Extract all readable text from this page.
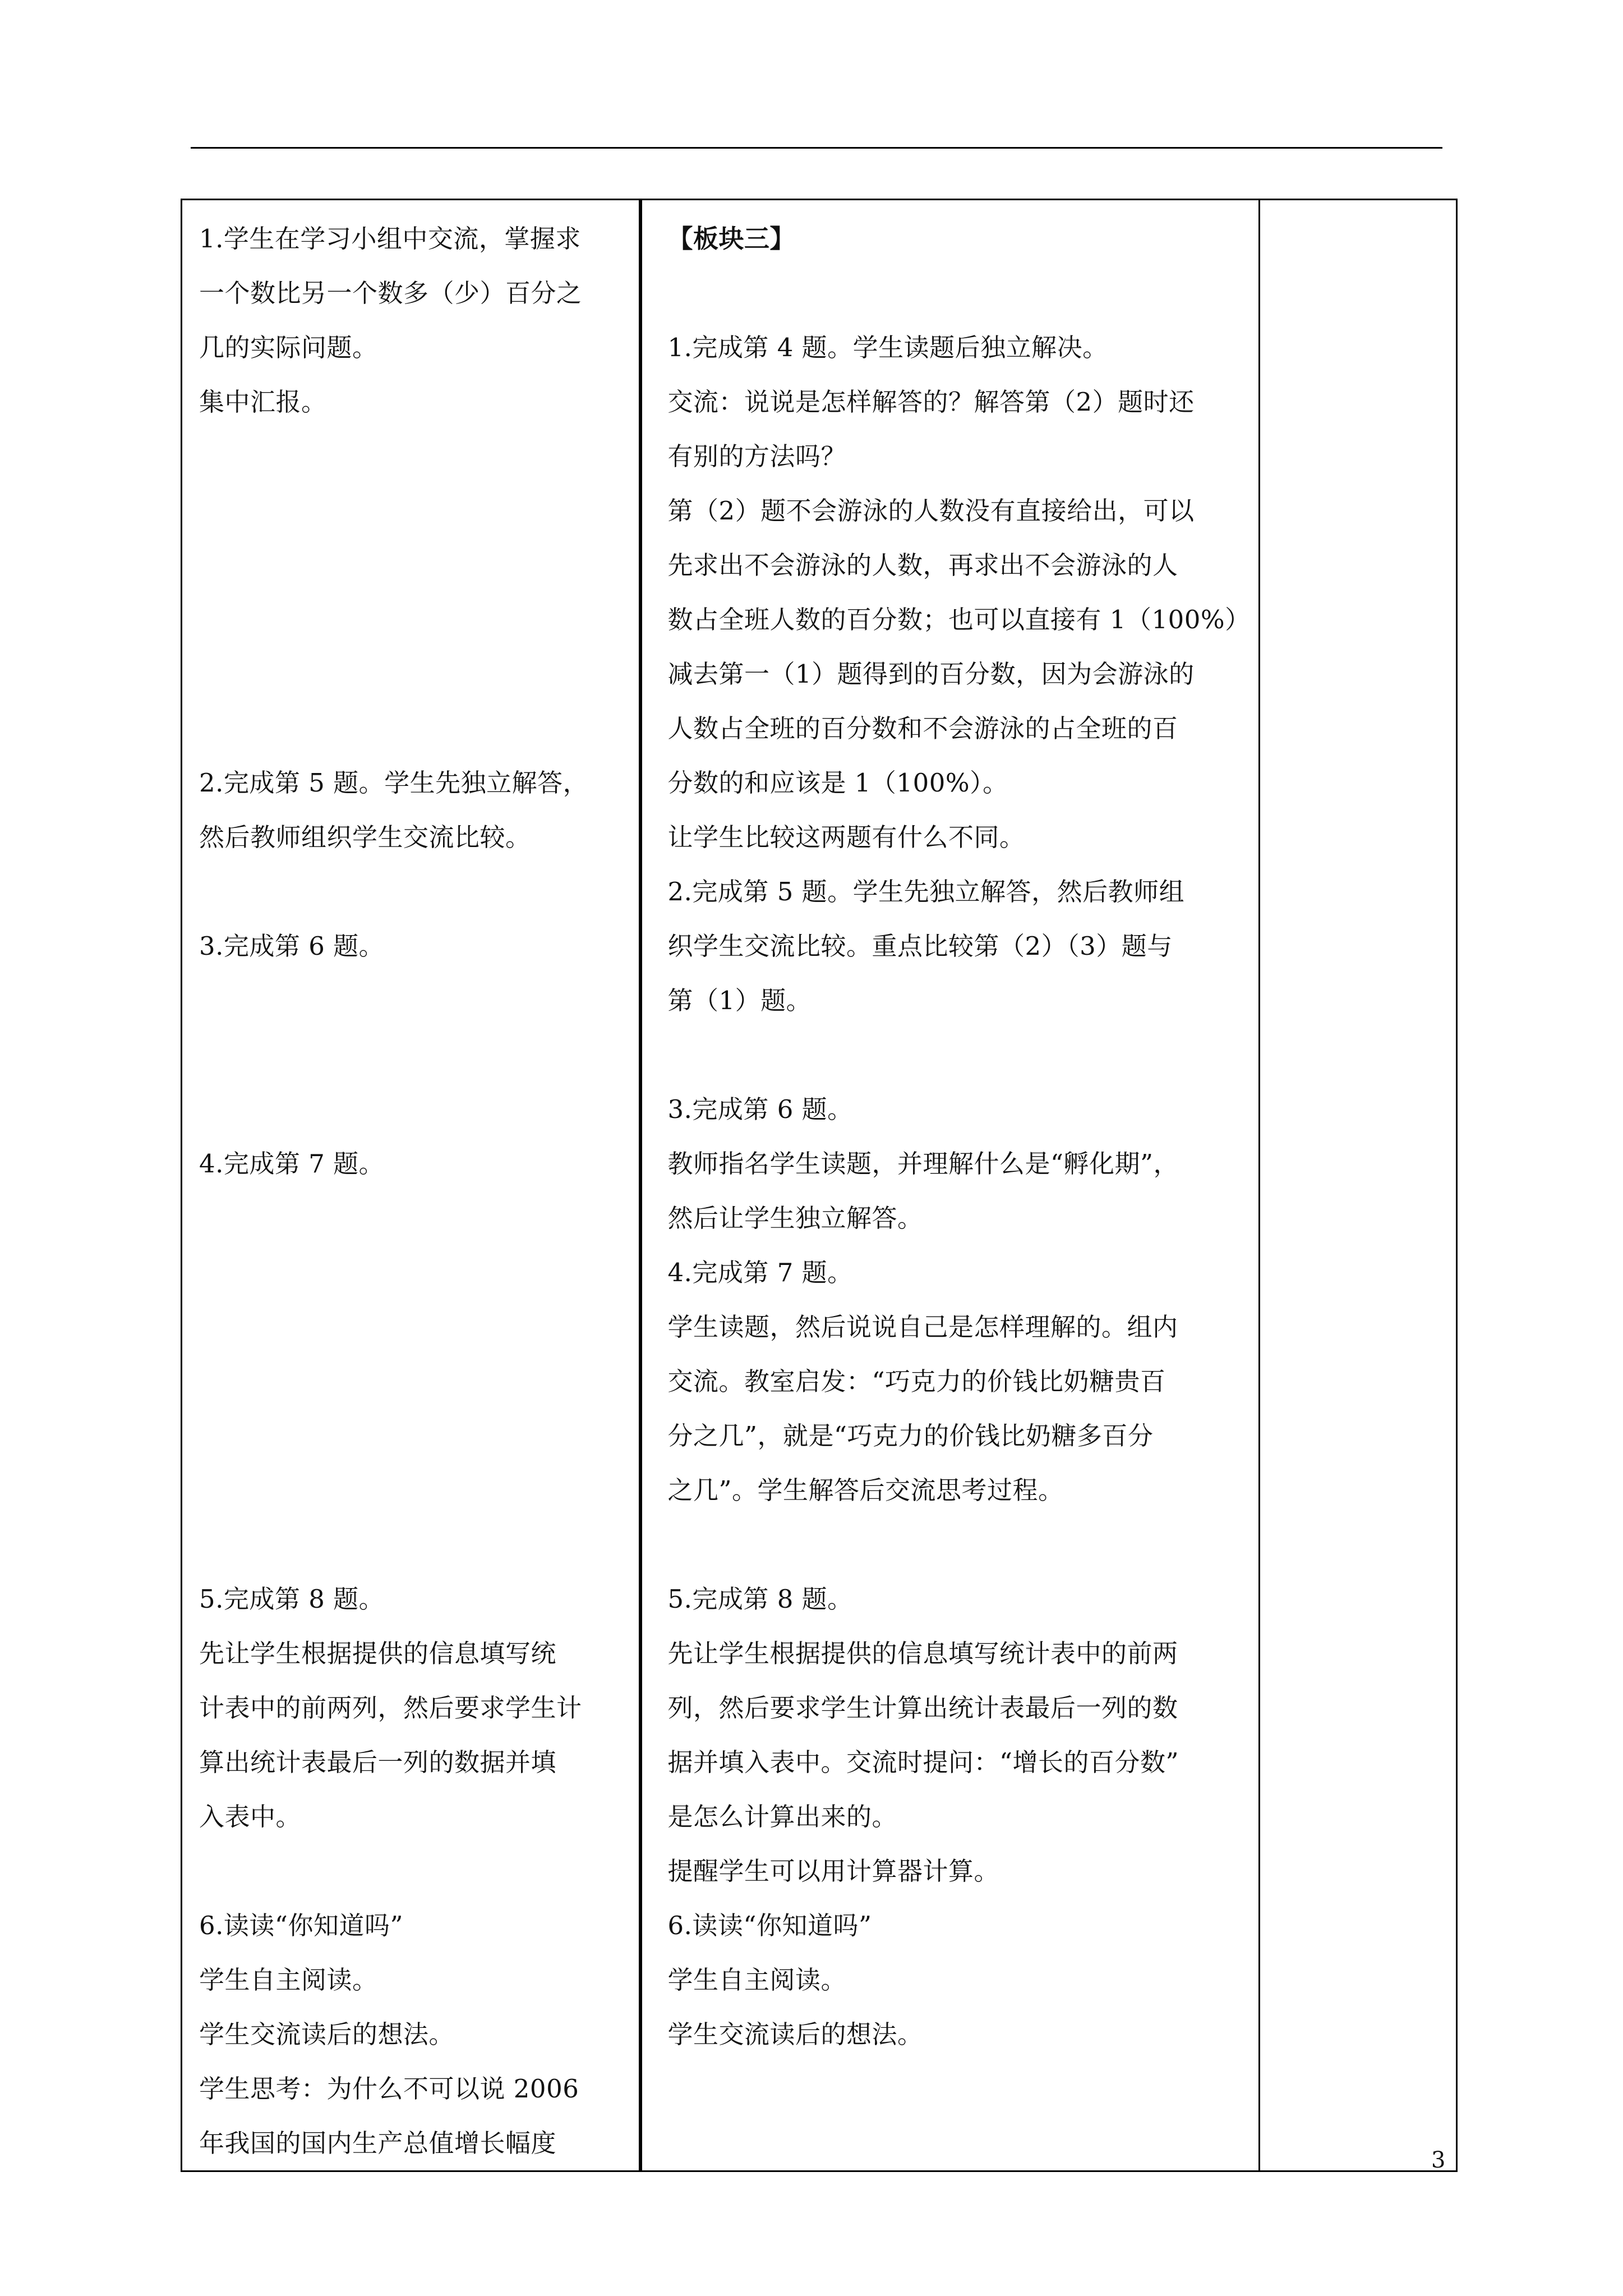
1.学生在学习小组中交流，掌握求
一个数比另一个数多（少）百分之
几的实际问题。
集中汇报。
2.完成第 5 题。学生先独立解答，
然后教师组织学生交流比较。
3.完成第 6 题。
4.完成第 7 题。
5.完成第 8 题。
先让学生根据提供的信息填写统
计表中的前两列，然后要求学生计
算出统计表最后一列的数据并填
入表中。
6.读读“你知道吗”
学生自主阅读。
学生交流读后的想法。
学生思考：为什么不可以说 2006
年我国的国内生产总值增长幅度

【板块三】
1.完成第 4 题。学生读题后独立解决。
交流：说说是怎样解答的？解答第（2）题时还
有别的方法吗？
第（2）题不会游泳的人数没有直接给出，可以
先求出不会游泳的人数，再求出不会游泳的人
数占全班人数的百分数；也可以直接有 1（100%）
减去第一（1）题得到的百分数，因为会游泳的
人数占全班的百分数和不会游泳的占全班的百
分数的和应该是 1（100%）。
让学生比较这两题有什么不同。
2.完成第 5 题。学生先独立解答，然后教师组
织学生交流比较。重点比较第（2）（3）题与
第（1）题。
3.完成第 6 题。
教师指名学生读题，并理解什么是“孵化期”，
然后让学生独立解答。
4.完成第 7 题。
学生读题，然后说说自己是怎样理解的。组内
交流。教室启发：“巧克力的价钱比奶糖贵百
分之几”，就是“巧克力的价钱比奶糖多百分
之几”。学生解答后交流思考过程。
5.完成第 8 题。
先让学生根据提供的信息填写统计表中的前两
列，然后要求学生计算出统计表最后一列的数
据并填入表中。交流时提问：“增长的百分数”
是怎么计算出来的。
提醒学生可以用计算器计算。
6.读读“你知道吗”
学生自主阅读。
学生交流读后的想法。

3
